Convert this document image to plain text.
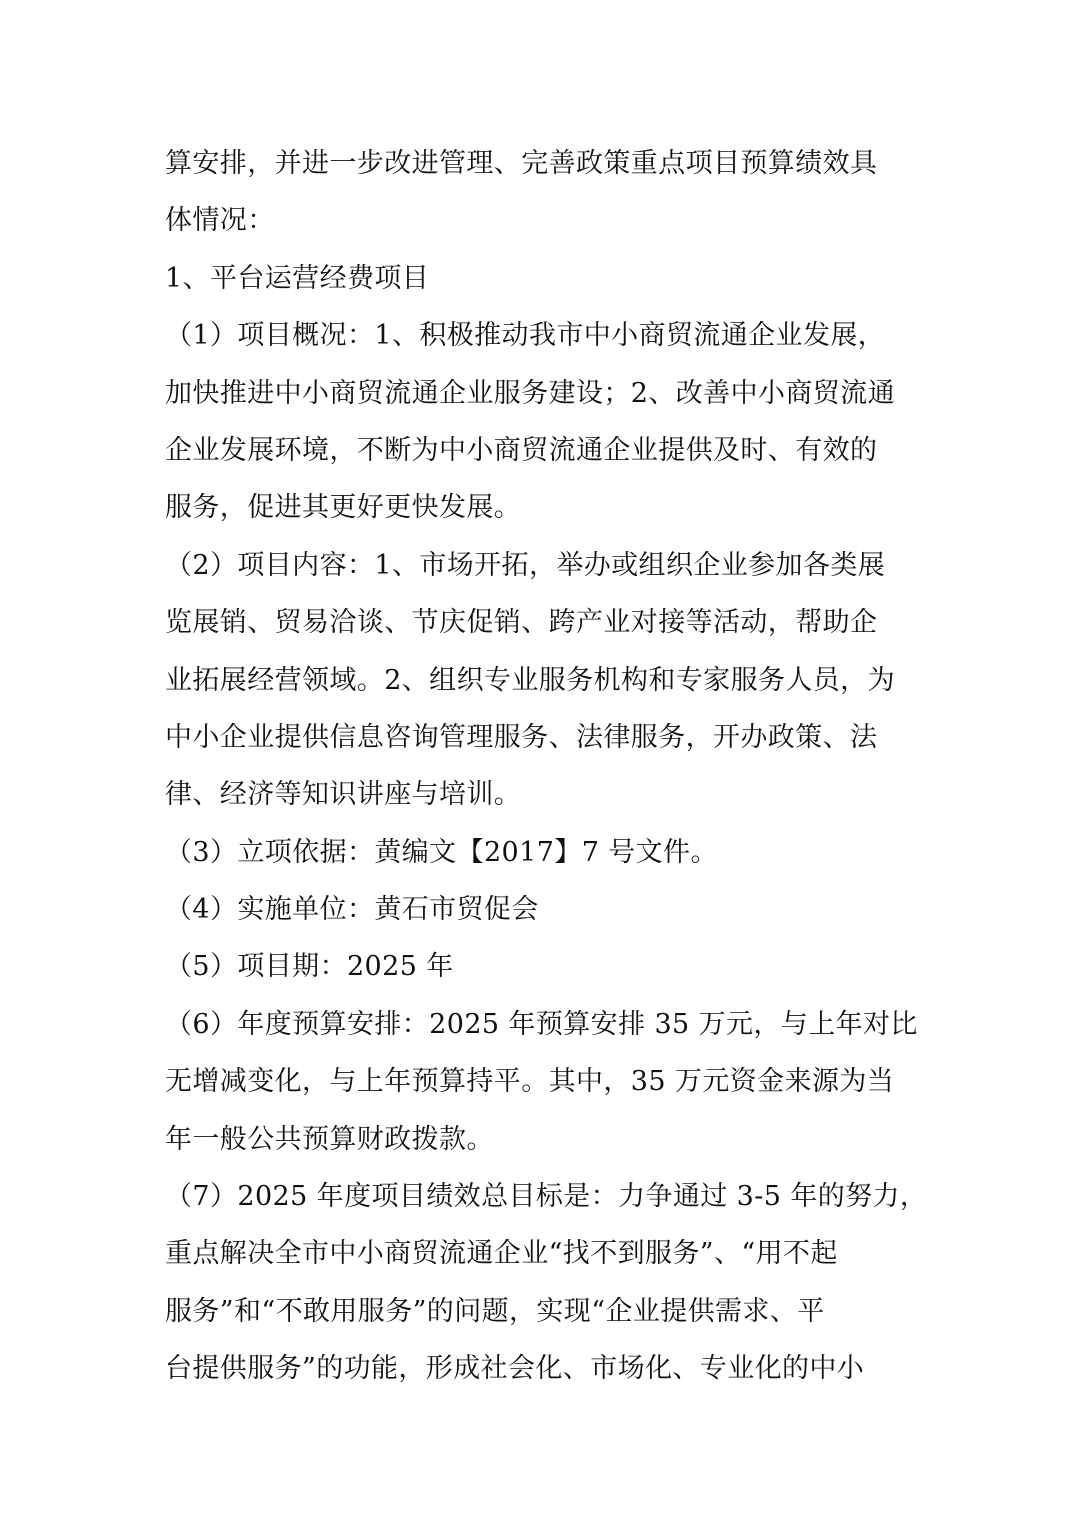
算安排，并进一步改进管理、完善政策重点项目预算绩效具
体情况：

1、平台运营经费项目

（1）项目概况：1、积极推动我市中小商贸流通企业发展，
加快推进中小商贸流通企业服务建设；2、改善中小商贸流通
企业发展环境，不断为中小商贸流通企业提供及时、有效的
服务，促进其更好更快发展。

（2）项目内容：1、市场开拓，举办或组织企业参加各类展
览展销、贸易洽谈、节庆促销、跨产业对接等活动，帮助企
业拓展经营领域。2、组织专业服务机构和专家服务人员，为
中小企业提供信息咨询管理服务、法律服务，开办政策、法
律、经济等知识讲座与培训。

（3）立项依据：黄编文【2017】7 号文件。

（4）实施单位：黄石市贸促会

（5）项目期：2025 年

（6）年度预算安排：2025 年预算安排 35 万元，与上年对比
无增减变化，与上年预算持平。其中，35 万元资金来源为当
年一般公共预算财政拨款。

（7）2025 年度项目绩效总目标是：力争通过 3-5 年的努力，
重点解决全市中小商贸流通企业“找不到服务”、“用不起
服务”和“不敢用服务”的问题，实现“企业提供需求、平
台提供服务”的功能，形成社会化、市场化、专业化的中小
